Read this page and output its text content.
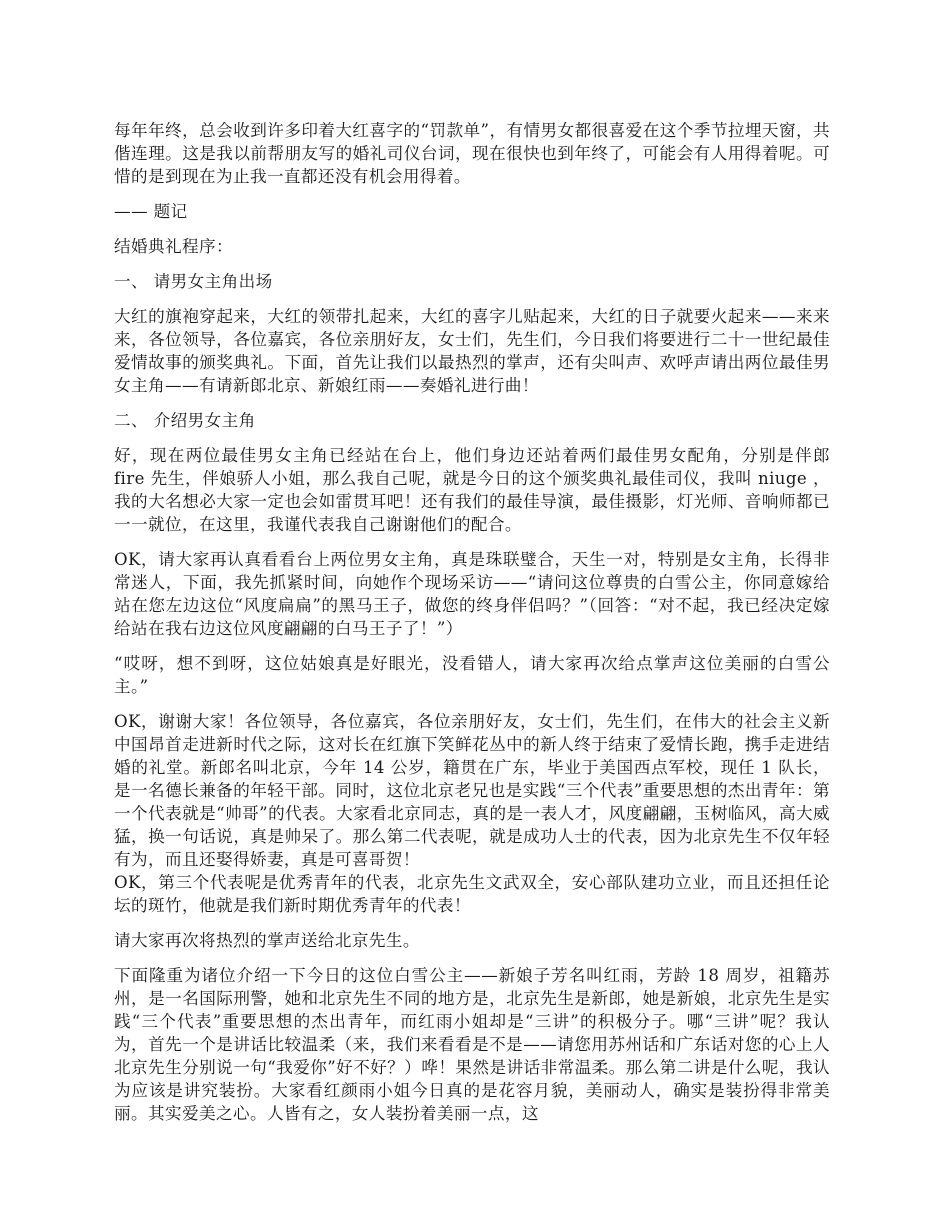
每年年终，总会收到许多印着大红喜字的“罚款单”，有情男女都很喜爱在这个季节拉埋天窗，共偕连理。这是我以前帮朋友写的婚礼司仪台词，现在很快也到年终了，可能会有人用得着呢。可惜的是到现在为止我一直都还没有机会用得着。

—— 题记

结婚典礼程序：

一、 请男女主角出场

大红的旗袍穿起来，大红的领带扎起来，大红的喜字儿贴起来，大红的日子就要火起来——来来来，各位领导，各位嘉宾，各位亲朋好友，女士们，先生们，今日我们将要进行二十一世纪最佳爱情故事的颁奖典礼。下面，首先让我们以最热烈的掌声，还有尖叫声、欢呼声请出两位最佳男女主角——有请新郎北京、新娘红雨——奏婚礼进行曲！

二、 介绍男女主角

好，现在两位最佳男女主角已经站在台上，他们身边还站着两们最佳男女配角，分别是伴郎 fire 先生，伴娘骄人小姐，那么我自己呢，就是今日的这个颁奖典礼最佳司仪，我叫 niuge ，我的大名想必大家一定也会如雷贯耳吧！还有我们的最佳导演，最佳摄影，灯光师、音响师都已一一就位，在这里，我谨代表我自己谢谢他们的配合。

OK，请大家再认真看看台上两位男女主角，真是珠联璧合，天生一对，特别是女主角，长得非常迷人，下面，我先抓紧时间，向她作个现场采访——“请问这位尊贵的白雪公主，你同意嫁给站在您左边这位“风度扁扁”的黑马王子，做您的终身伴侣吗？”（回答：“对不起，我已经决定嫁给站在我右边这位风度翩翩的白马王子了！”）

“哎呀，想不到呀，这位姑娘真是好眼光，没看错人，请大家再次给点掌声这位美丽的白雪公主。”

OK，谢谢大家！各位领导，各位嘉宾，各位亲朋好友，女士们，先生们，在伟大的社会主义新中国昂首走进新时代之际，这对长在红旗下笑鲜花丛中的新人终于结束了爱情长跑，携手走进结婚的礼堂。新郎名叫北京，今年 14 公岁，籍贯在广东，毕业于美国西点军校，现任 1 队长，是一名德长兼备的年轻干部。同时，这位北京老兄也是实践“三个代表”重要思想的杰出青年：第一个代表就是“帅哥”的代表。大家看北京同志，真的是一表人才，风度翩翩，玉树临风，高大威猛，换一句话说，真是帅呆了。那么第二代表呢，就是成功人士的代表，因为北京先生不仅年轻有为，而且还娶得娇妻，真是可喜哥贺！

OK，第三个代表呢是优秀青年的代表，北京先生文武双全，安心部队建功立业，而且还担任论坛的斑竹，他就是我们新时期优秀青年的代表！

请大家再次将热烈的掌声送给北京先生。

下面隆重为诸位介绍一下今日的这位白雪公主——新娘子芳名叫红雨，芳龄 18 周岁，祖籍苏州，是一名国际刑警，她和北京先生不同的地方是，北京先生是新郎，她是新娘，北京先生是实践“三个代表”重要思想的杰出青年，而红雨小姐却是“三讲”的积极分子。哪“三讲”呢？我认为，首先一个是讲话比较温柔（来，我们来看看是不是——请您用苏州话和广东话对您的心上人北京先生分别说一句“我爱你”好不好？）哗！果然是讲话非常温柔。那么第二讲是什么呢，我认为应该是讲究装扮。大家看红颜雨小姐今日真的是花容月貌，美丽动人，确实是装扮得非常美丽。其实爱美之心。人皆有之，女人装扮着美丽一点，这
